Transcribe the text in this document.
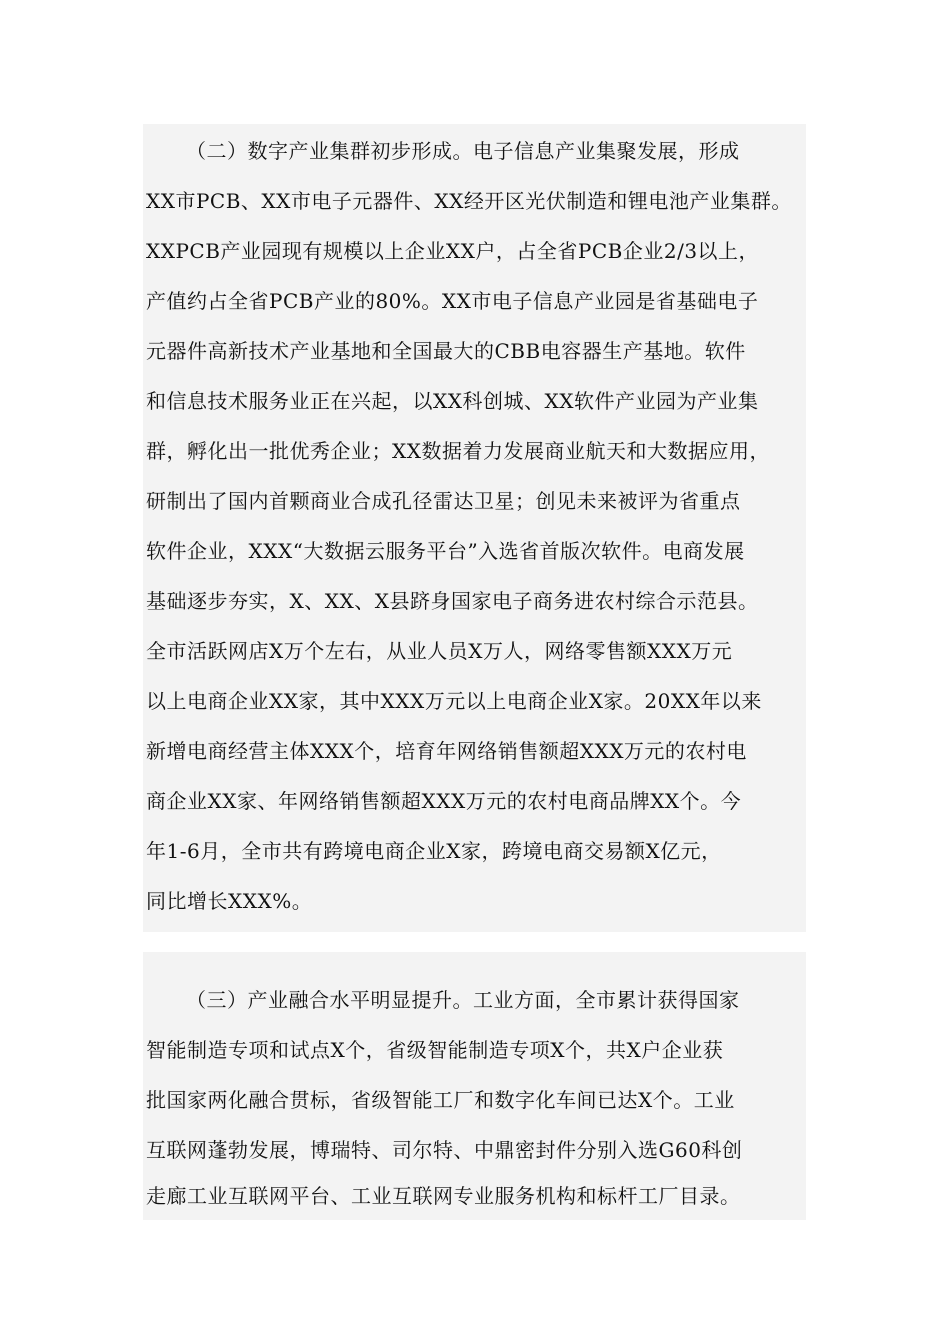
（二）数字产业集群初步形成。电子信息产业集聚发展，形成
XX市PCB、XX市电子元器件、XX经开区光伏制造和锂电池产业集群。
XXPCB产业园现有规模以上企业XX户，占全省PCB企业2/3以上，
产值约占全省PCB产业的80%。XX市电子信息产业园是省基础电子
元器件高新技术产业基地和全国最大的CBB电容器生产基地。软件
和信息技术服务业正在兴起，以XX科创城、XX软件产业园为产业集
群，孵化出一批优秀企业；XX数据着力发展商业航天和大数据应用，
研制出了国内首颗商业合成孔径雷达卫星；创见未来被评为省重点
软件企业，XXX“大数据云服务平台”入选省首版次软件。电商发展
基础逐步夯实，X、XX、X县跻身国家电子商务进农村综合示范县。
全市活跃网店X万个左右，从业人员X万人，网络零售额XXX万元
以上电商企业XX家，其中XXX万元以上电商企业X家。20XX年以来
新增电商经营主体XXX个，培育年网络销售额超XXX万元的农村电
商企业XX家、年网络销售额超XXX万元的农村电商品牌XX个。今
年1-6月，全市共有跨境电商企业X家，跨境电商交易额X亿元，
同比增长XXX%。
（三）产业融合水平明显提升。工业方面，全市累计获得国家
智能制造专项和试点X个，省级智能制造专项X个，共X户企业获
批国家两化融合贯标，省级智能工厂和数字化车间已达X个。工业
互联网蓬勃发展，博瑞特、司尔特、中鼎密封件分别入选G60科创
走廊工业互联网平台、工业互联网专业服务机构和标杆工厂目录。
